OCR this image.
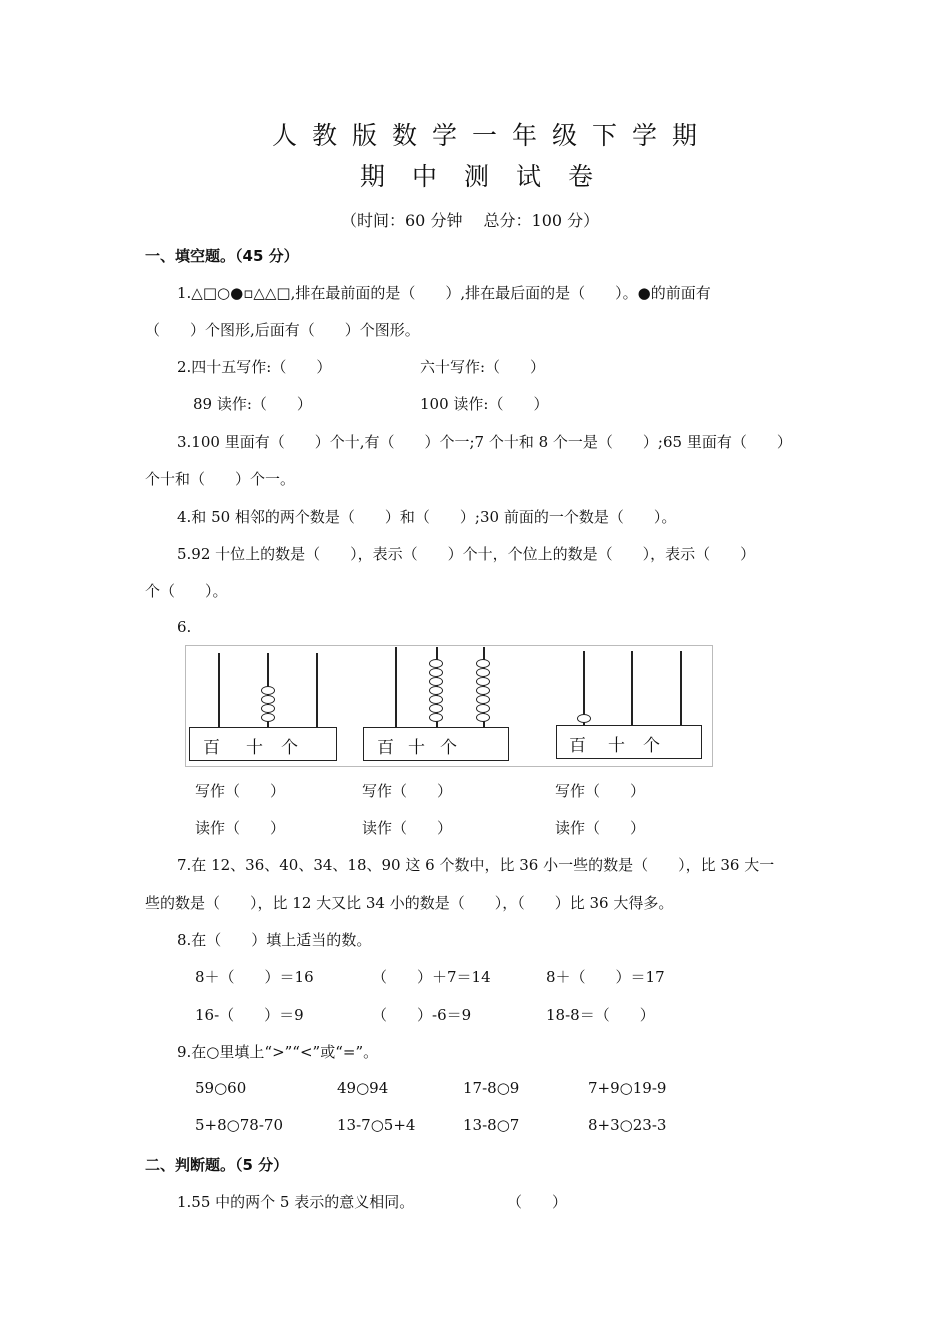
人教版数学一年级下学期
期中测试卷
（时间：60 分钟　 总分：100 分）
一、填空题。（45 分）
1.△□○●▫△△□,排在最前面的是（　　）,排在最后面的是（　　）。●的前面有
（　　）个图形,后面有（　　）个图形。
2.四十五写作:（　　）	六十写作:（　　）
89 读作:（　　）	100 读作:（　　）
3.100 里面有（　　）个十,有（　　）个一;7 个十和 8 个一是（　　）;65 里面有（　　）
个十和（　　）个一。
4.和 50 相邻的两个数是（　　）和（　　）;30 前面的一个数是（　　）。
5.92 十位上的数是（　　），表示（　　）个十，个位上的数是（　　），表示（　　）
个（　　）。
6.
百 十 个	百 十 个	百 十 个
写作（　　）	写作（　　）	写作（　　）
读作（　　）	读作（　　）	读作（　　）
7.在 12、36、40、34、18、90 这 6 个数中，比 36 小一些的数是（　　），比 36 大一
些的数是（　　），比 12 大又比 34 小的数是（　　），（　　）比 36 大得多。
8.在（　　）填上适当的数。
8＋（　　）＝16	（　　）＋7＝14	8＋（　　）＝17
16-（　　）＝9	（　　）-6＝9	18-8＝（　　）
9.在○里填上“>”“<”或“=”。
59○60	49○94	17-8○9	7+9○19-9
5+8○78-70	13-7○5+4	13-8○7	8+3○23-3
二、判断题。（5 分）
1.55 中的两个 5 表示的意义相同。	（　　）
